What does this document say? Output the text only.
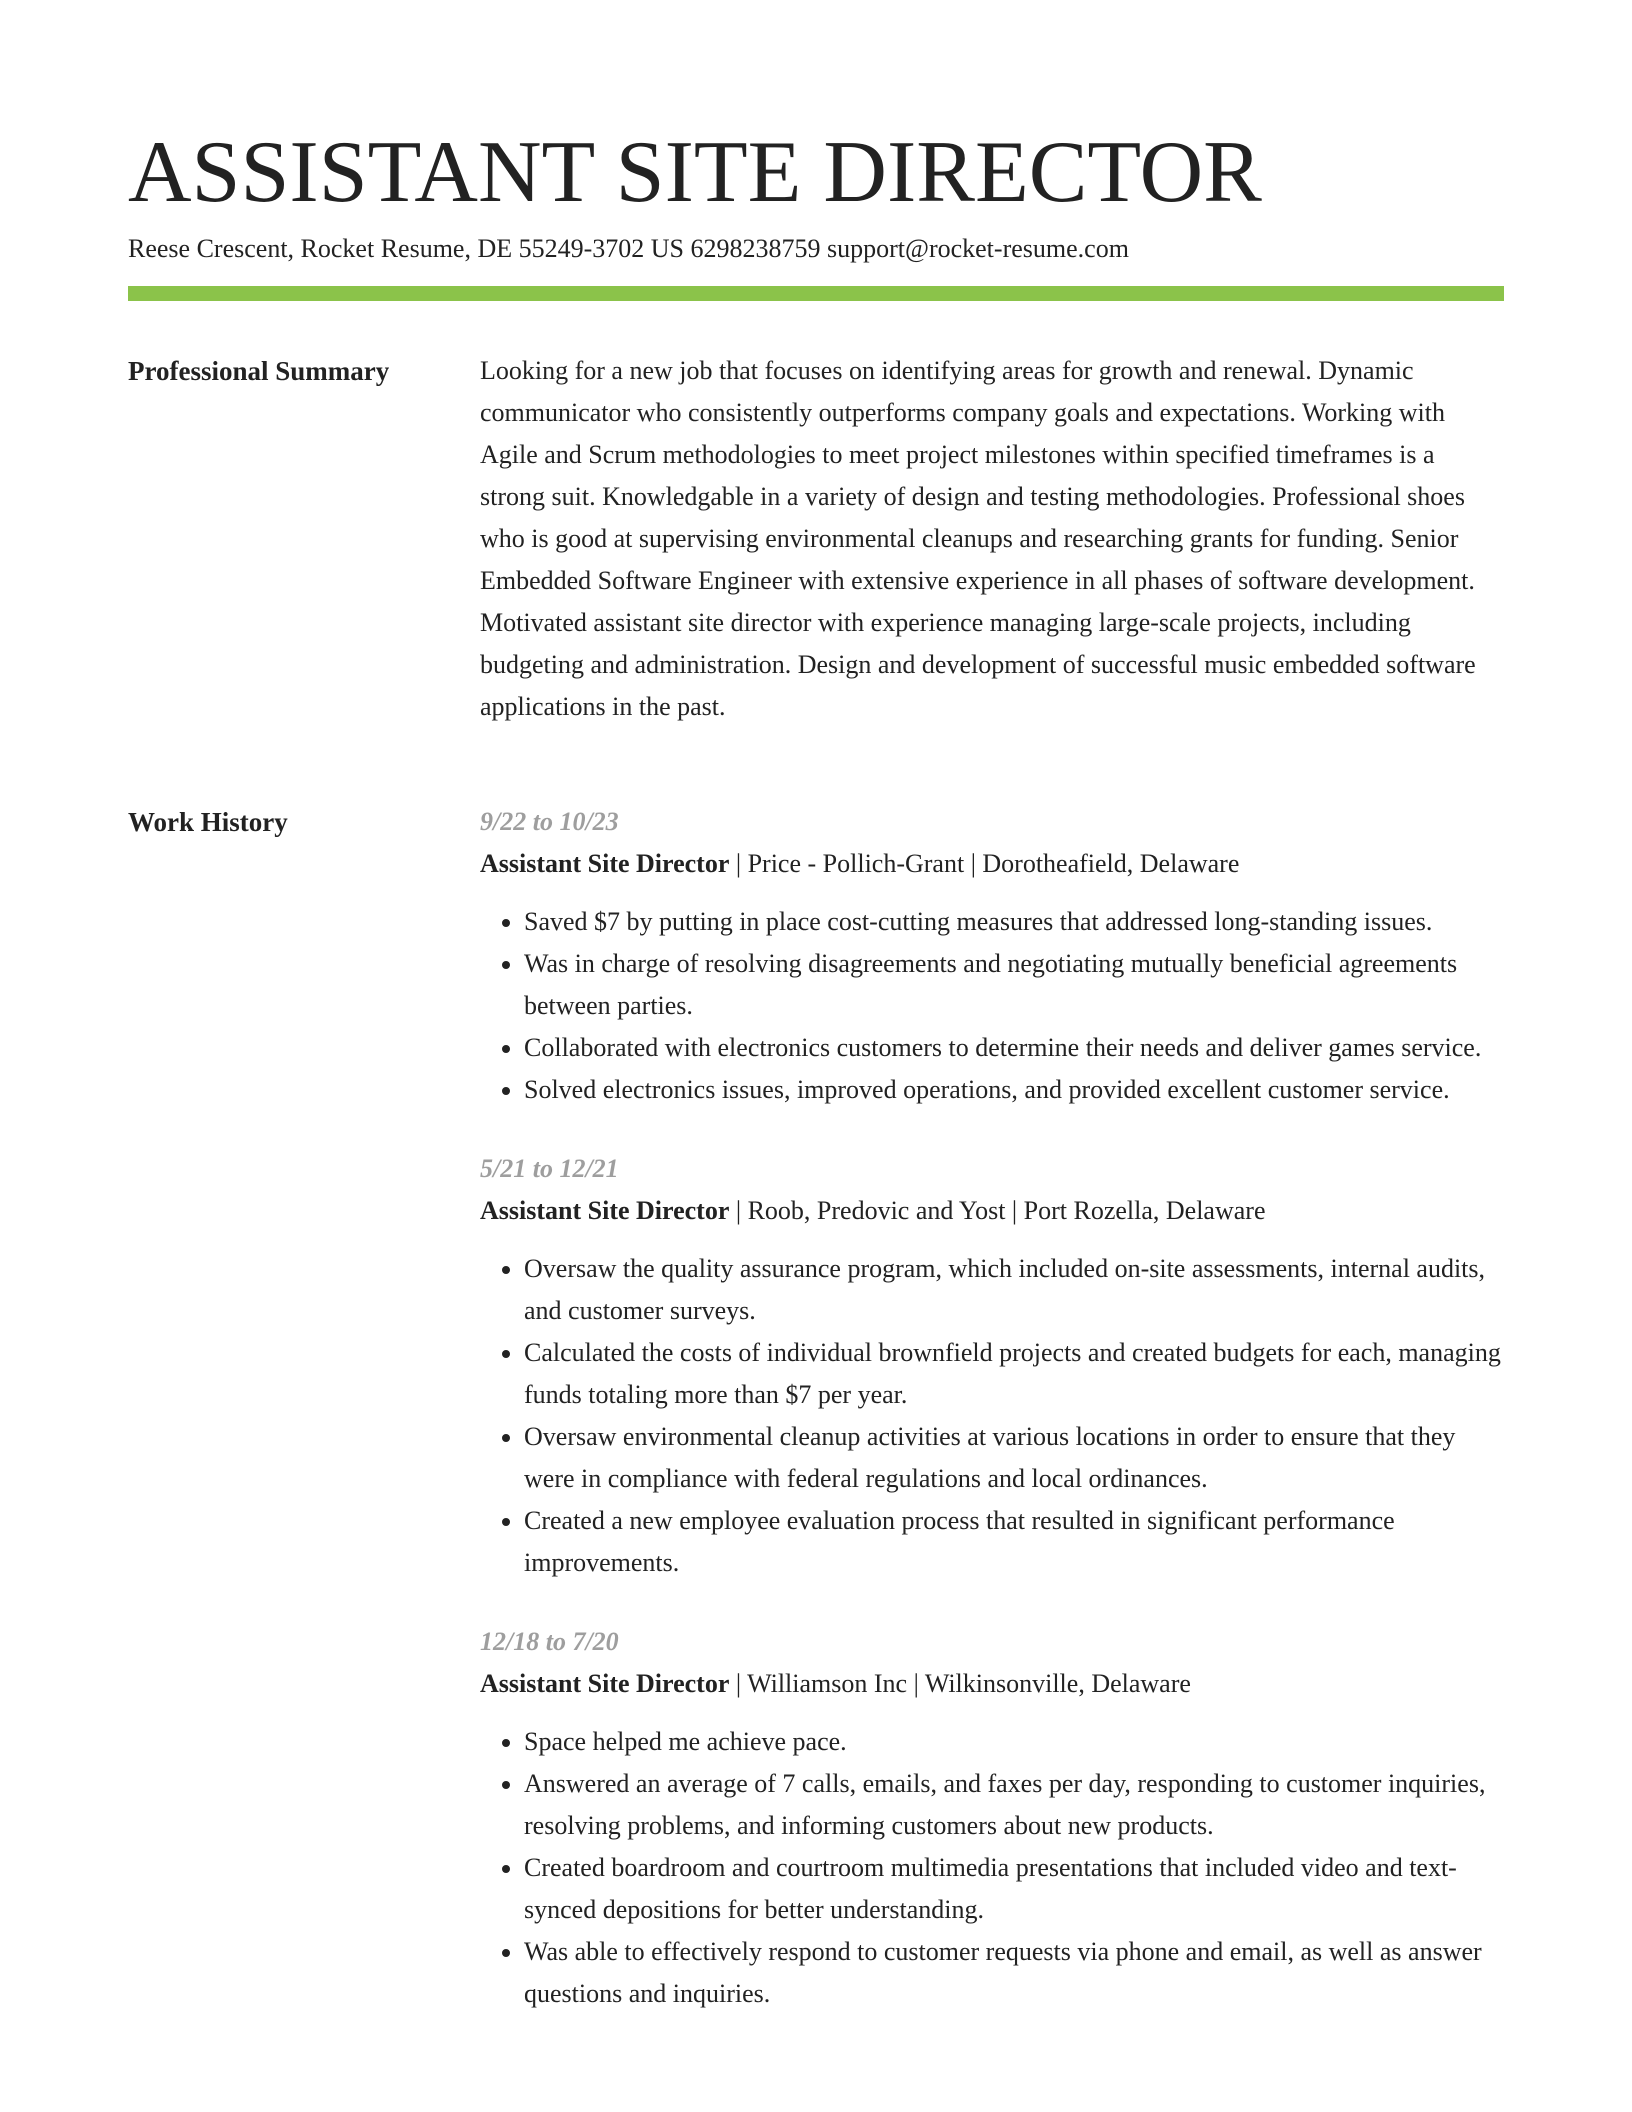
ASSISTANT SITE DIRECTOR
Reese Crescent, Rocket Resume, DE 55249-3702 US 6298238759 support@rocket-resume.com
Professional Summary	Looking for a new job that focuses on identifying areas for growth and renewal. Dynamic communicator who consistently outperforms company goals and expectations. Working with Agile and Scrum methodologies to meet project milestones within specified timeframes is a strong suit. Knowledgable in a variety of design and testing methodologies. Professional shoes who is good at supervising environmental cleanups and researching grants for funding. Senior Embedded Software Engineer with extensive experience in all phases of software development. Motivated assistant site director with experience managing large-scale projects, including budgeting and administration. Design and development of successful music embedded software applications in the past.

Work History	9/22 to 10/23
Assistant Site Director | Price - Pollich-Grant | Dorotheafield, Delaware
• Saved $7 by putting in place cost-cutting measures that addressed long-standing issues.
• Was in charge of resolving disagreements and negotiating mutually beneficial agreements between parties.
• Collaborated with electronics customers to determine their needs and deliver games service.
• Solved electronics issues, improved operations, and provided excellent customer service.
5/21 to 12/21
Assistant Site Director | Roob, Predovic and Yost | Port Rozella, Delaware
• Oversaw the quality assurance program, which included on-site assessments, internal audits, and customer surveys.
• Calculated the costs of individual brownfield projects and created budgets for each, managing funds totaling more than $7 per year.
• Oversaw environmental cleanup activities at various locations in order to ensure that they were in compliance with federal regulations and local ordinances.
• Created a new employee evaluation process that resulted in significant performance improvements.
12/18 to 7/20
Assistant Site Director | Williamson Inc | Wilkinsonville, Delaware
• Space helped me achieve pace.
• Answered an average of 7 calls, emails, and faxes per day, responding to customer inquiries, resolving problems, and informing customers about new products.
• Created boardroom and courtroom multimedia presentations that included video and text-synced depositions for better understanding.
• Was able to effectively respond to customer requests via phone and email, as well as answer questions and inquiries.
